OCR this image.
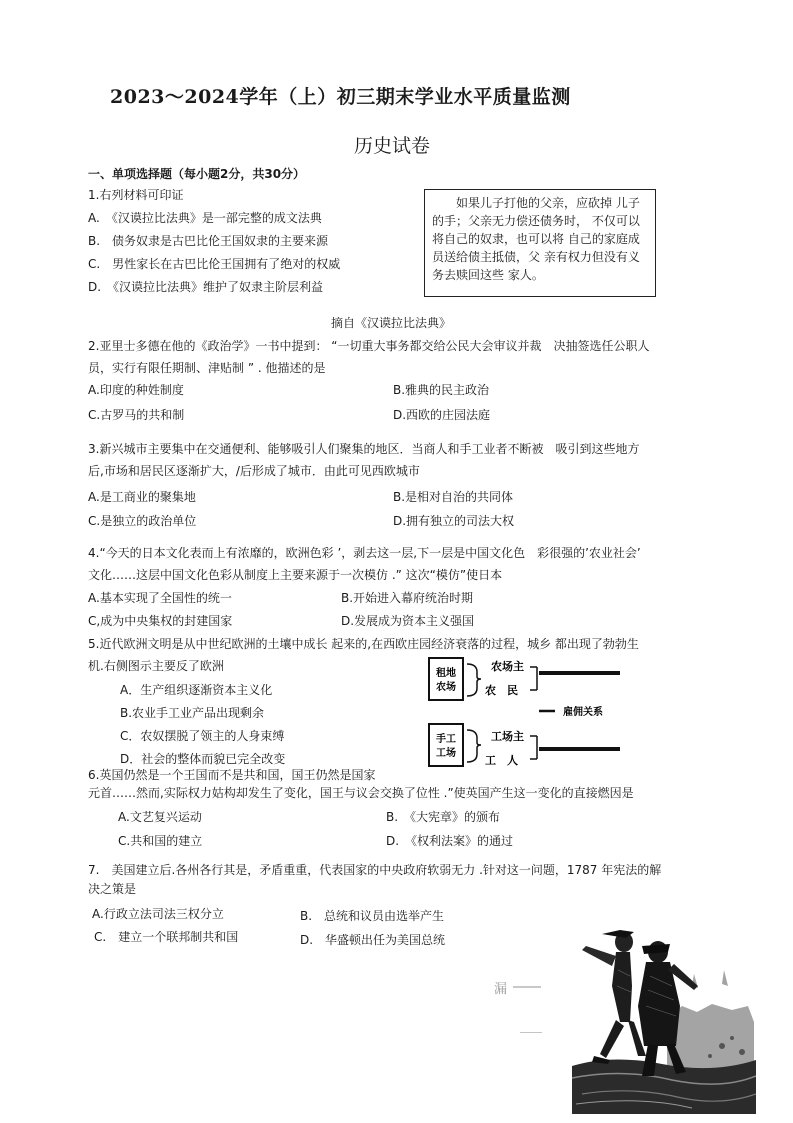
2023～2024学年（上）初三期末学业水平质量监测
历史试卷
一、单项选择题（每小题2分，共30分）
1.右列材料可印证
A.　《汉谟拉比法典》是一部完整的成文法典
B.　债务奴隶是古巴比伦王国奴隶的主要来源
C.　男性家长在古巴比伦王国拥有了绝对的权威
D.　《汉谟拉比法典》维护了奴隶主阶层利益
如果儿子打他的父亲，应砍掉 儿子的手；父亲无力偿还债务时， 不仅可以将自己的奴隶，也可以将 自己的家庭成员送给债主抵债，父 亲有权力但没有义务去赎回这些 家人。
摘自《汉谟拉比法典》
2.亚里士多德在他的《政治学》一书中提到： “一切重大事务都交给公民大会审议并裁　决抽签选任公职人
员，实行有限任期制、津贴制 ” . 他描述的是
A.印度的种姓制度	B.雅典的民主政治
C.古罗马的共和制	D.西欧的庄园法庭
3.新兴城市主要集中在交通便利、能够吸引人们聚集的地区．当商人和手工业者不断被　吸引到这些地方
后,市场和居民区逐渐扩大，/后形成了城市．由此可见西欧城市
A.是工商业的聚集地	B.是相对自治的共同体
C.是独立的政治单位	D.拥有独立的司法大权
4.“今天的日本文化表而上有浓靡的，欧洲色彩 ’，剥去这一层,下一层是中国文化色　彩很强的’农业社会’
文化……这层中国文化色彩从制度上主要来源于一次模仿 .” 这次“模仿”使日本
A.基本实现了全国性的统一	B.开始进入幕府统治时期
C,成为中央集权的封建国家	D.发展成为资本主义强国
5.近代欧洲文明是从中世纪欧洲的土壤中成长 起来的,在西欧庄园经济衰落的过程，城乡 都出现了勃勃生
机.右侧图示主要反了欧洲
A．生产组织逐渐资本主义化
B.农业手工业产品出现剩余
C．农奴摆脱了领主的人身束缚
D．社会的整体而貌已完全改变
租地
农场
手工
工场
农场主
农　民
工场主
工　人
雇佣关系
6.英国仍然是一个王国而不是共和国，国王仍然是国家
元首……然而,实际权力姑构却发生了变化，国王与议会交换了位性 .”使英国产生这一变化的直接燃因是
A.文艺复兴运动	B.　《大宪章》的颁布
C.共和国的建立	D.　《权利法案》的通过
7.　美国建立后.各州各行其是，矛盾重重，代表国家的中央政府软弱无力 .针对这一问题，1787 年宪法的解
决之策是
A.行政立法司法三权分立	B.　总统和议员由选举产生
C.　建立一个联邦制共和国	D.　华盛顿出任为美国总统
漏
